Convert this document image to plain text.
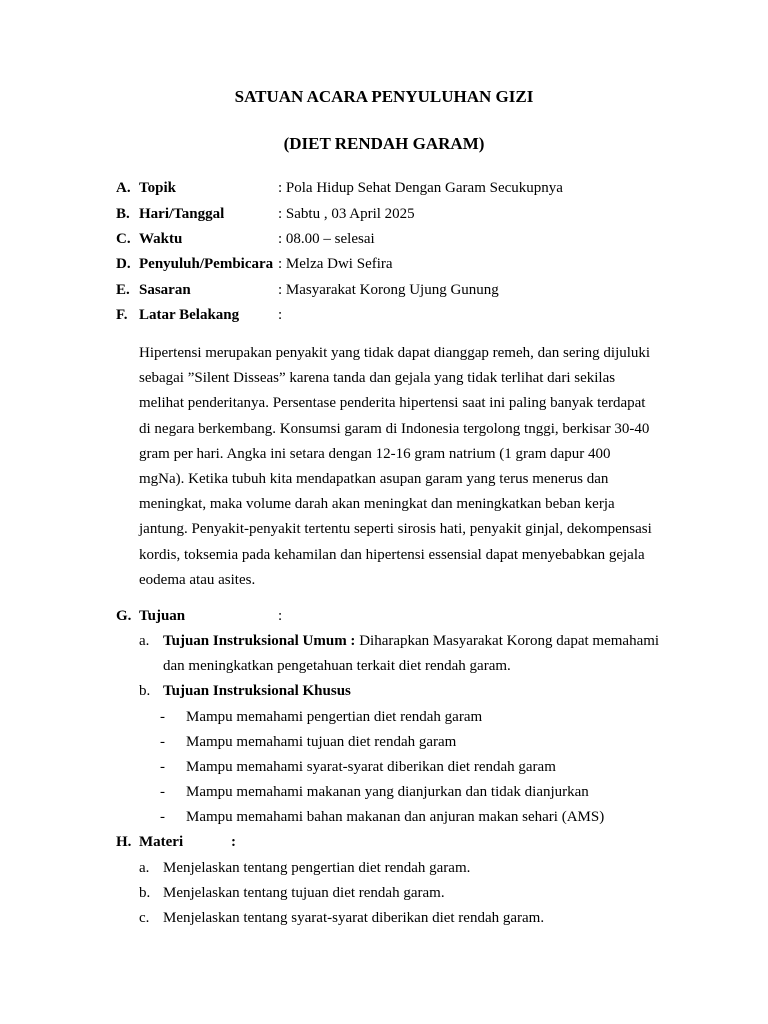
SATUAN ACARA PENYULUHAN GIZI
(DIET RENDAH GARAM)
A. Topik	: Pola Hidup Sehat Dengan Garam Secukupnya
B. Hari/Tanggal	: Sabtu , 03 April 2025
C. Waktu	: 08.00 – selesai
D. Penyuluh/Pembicara : Melza Dwi Sefira
E. Sasaran	: Masyarakat Korong Ujung Gunung
F. Latar Belakang	:
Hipertensi merupakan penyakit yang tidak dapat dianggap remeh, dan sering dijuluki
sebagai ”Silent Disseas” karena tanda dan gejala yang tidak terlihat dari sekilas
melihat penderitanya. Persentase penderita hipertensi saat ini paling banyak terdapat
di negara berkembang. Konsumsi garam di Indonesia tergolong tnggi, berkisar 30-40
gram per hari. Angka ini setara dengan 12-16 gram natrium (1 gram dapur 400
mgNa). Ketika tubuh kita mendapatkan asupan garam yang terus menerus dan
meningkat, maka volume darah akan meningkat dan meningkatkan beban kerja
jantung. Penyakit-penyakit tertentu seperti sirosis hati, penyakit ginjal, dekompensasi
kordis, toksemia pada kehamilan dan hipertensi essensial dapat menyebabkan gejala
eodema atau asites.
G. Tujuan	:
a. Tujuan Instruksional Umum : Diharapkan Masyarakat Korong dapat memahami
dan meningkatkan pengetahuan terkait diet rendah garam.
b. Tujuan Instruksional Khusus
- Mampu memahami pengertian diet rendah garam
- Mampu memahami tujuan diet rendah garam
- Mampu memahami syarat-syarat diberikan diet rendah garam
- Mampu memahami makanan yang dianjurkan dan tidak dianjurkan
- Mampu memahami bahan makanan dan anjuran makan sehari (AMS)
H. Materi	:
a. Menjelaskan tentang pengertian diet rendah garam.
b. Menjelaskan tentang tujuan diet rendah garam.
c. Menjelaskan tentang syarat-syarat diberikan diet rendah garam.
